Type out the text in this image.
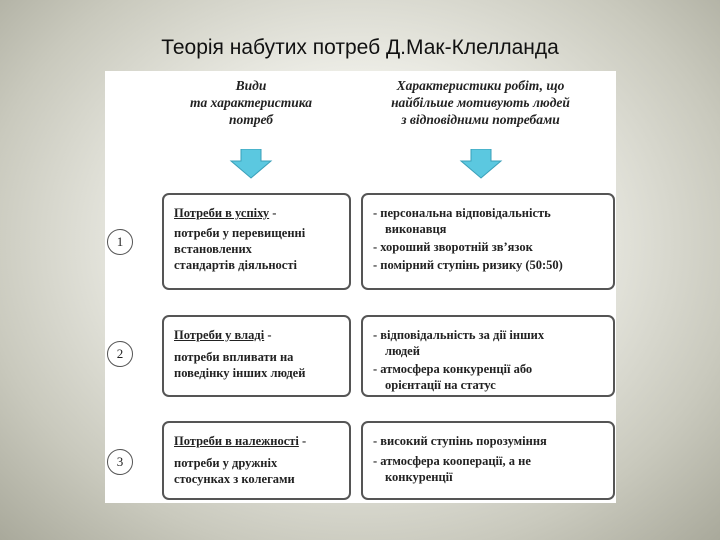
Теорія набутих потреб Д.Мак-Клелланда
Види
та характеристика
потреб
Характеристики робіт, що
найбільше мотивують людей
з відповідними потребами
1
Потреби в успіху -
потреби у перевищенні
встановлених
стандартів діяльності
- персональна відповідальність
виконавця
- хороший зворотній зв’язок
- помірний ступінь ризику (50:50)
2
Потреби у владі -
потреби впливати на
поведінку інших людей
- відповідальність за дії інших
людей
- атмосфера конкуренції або
орієнтації на статус
3
Потреби в належності -
потреби у дружніх
стосунках з колегами
- високий ступінь порозуміння
- атмосфера кооперації, а не
конкуренції
